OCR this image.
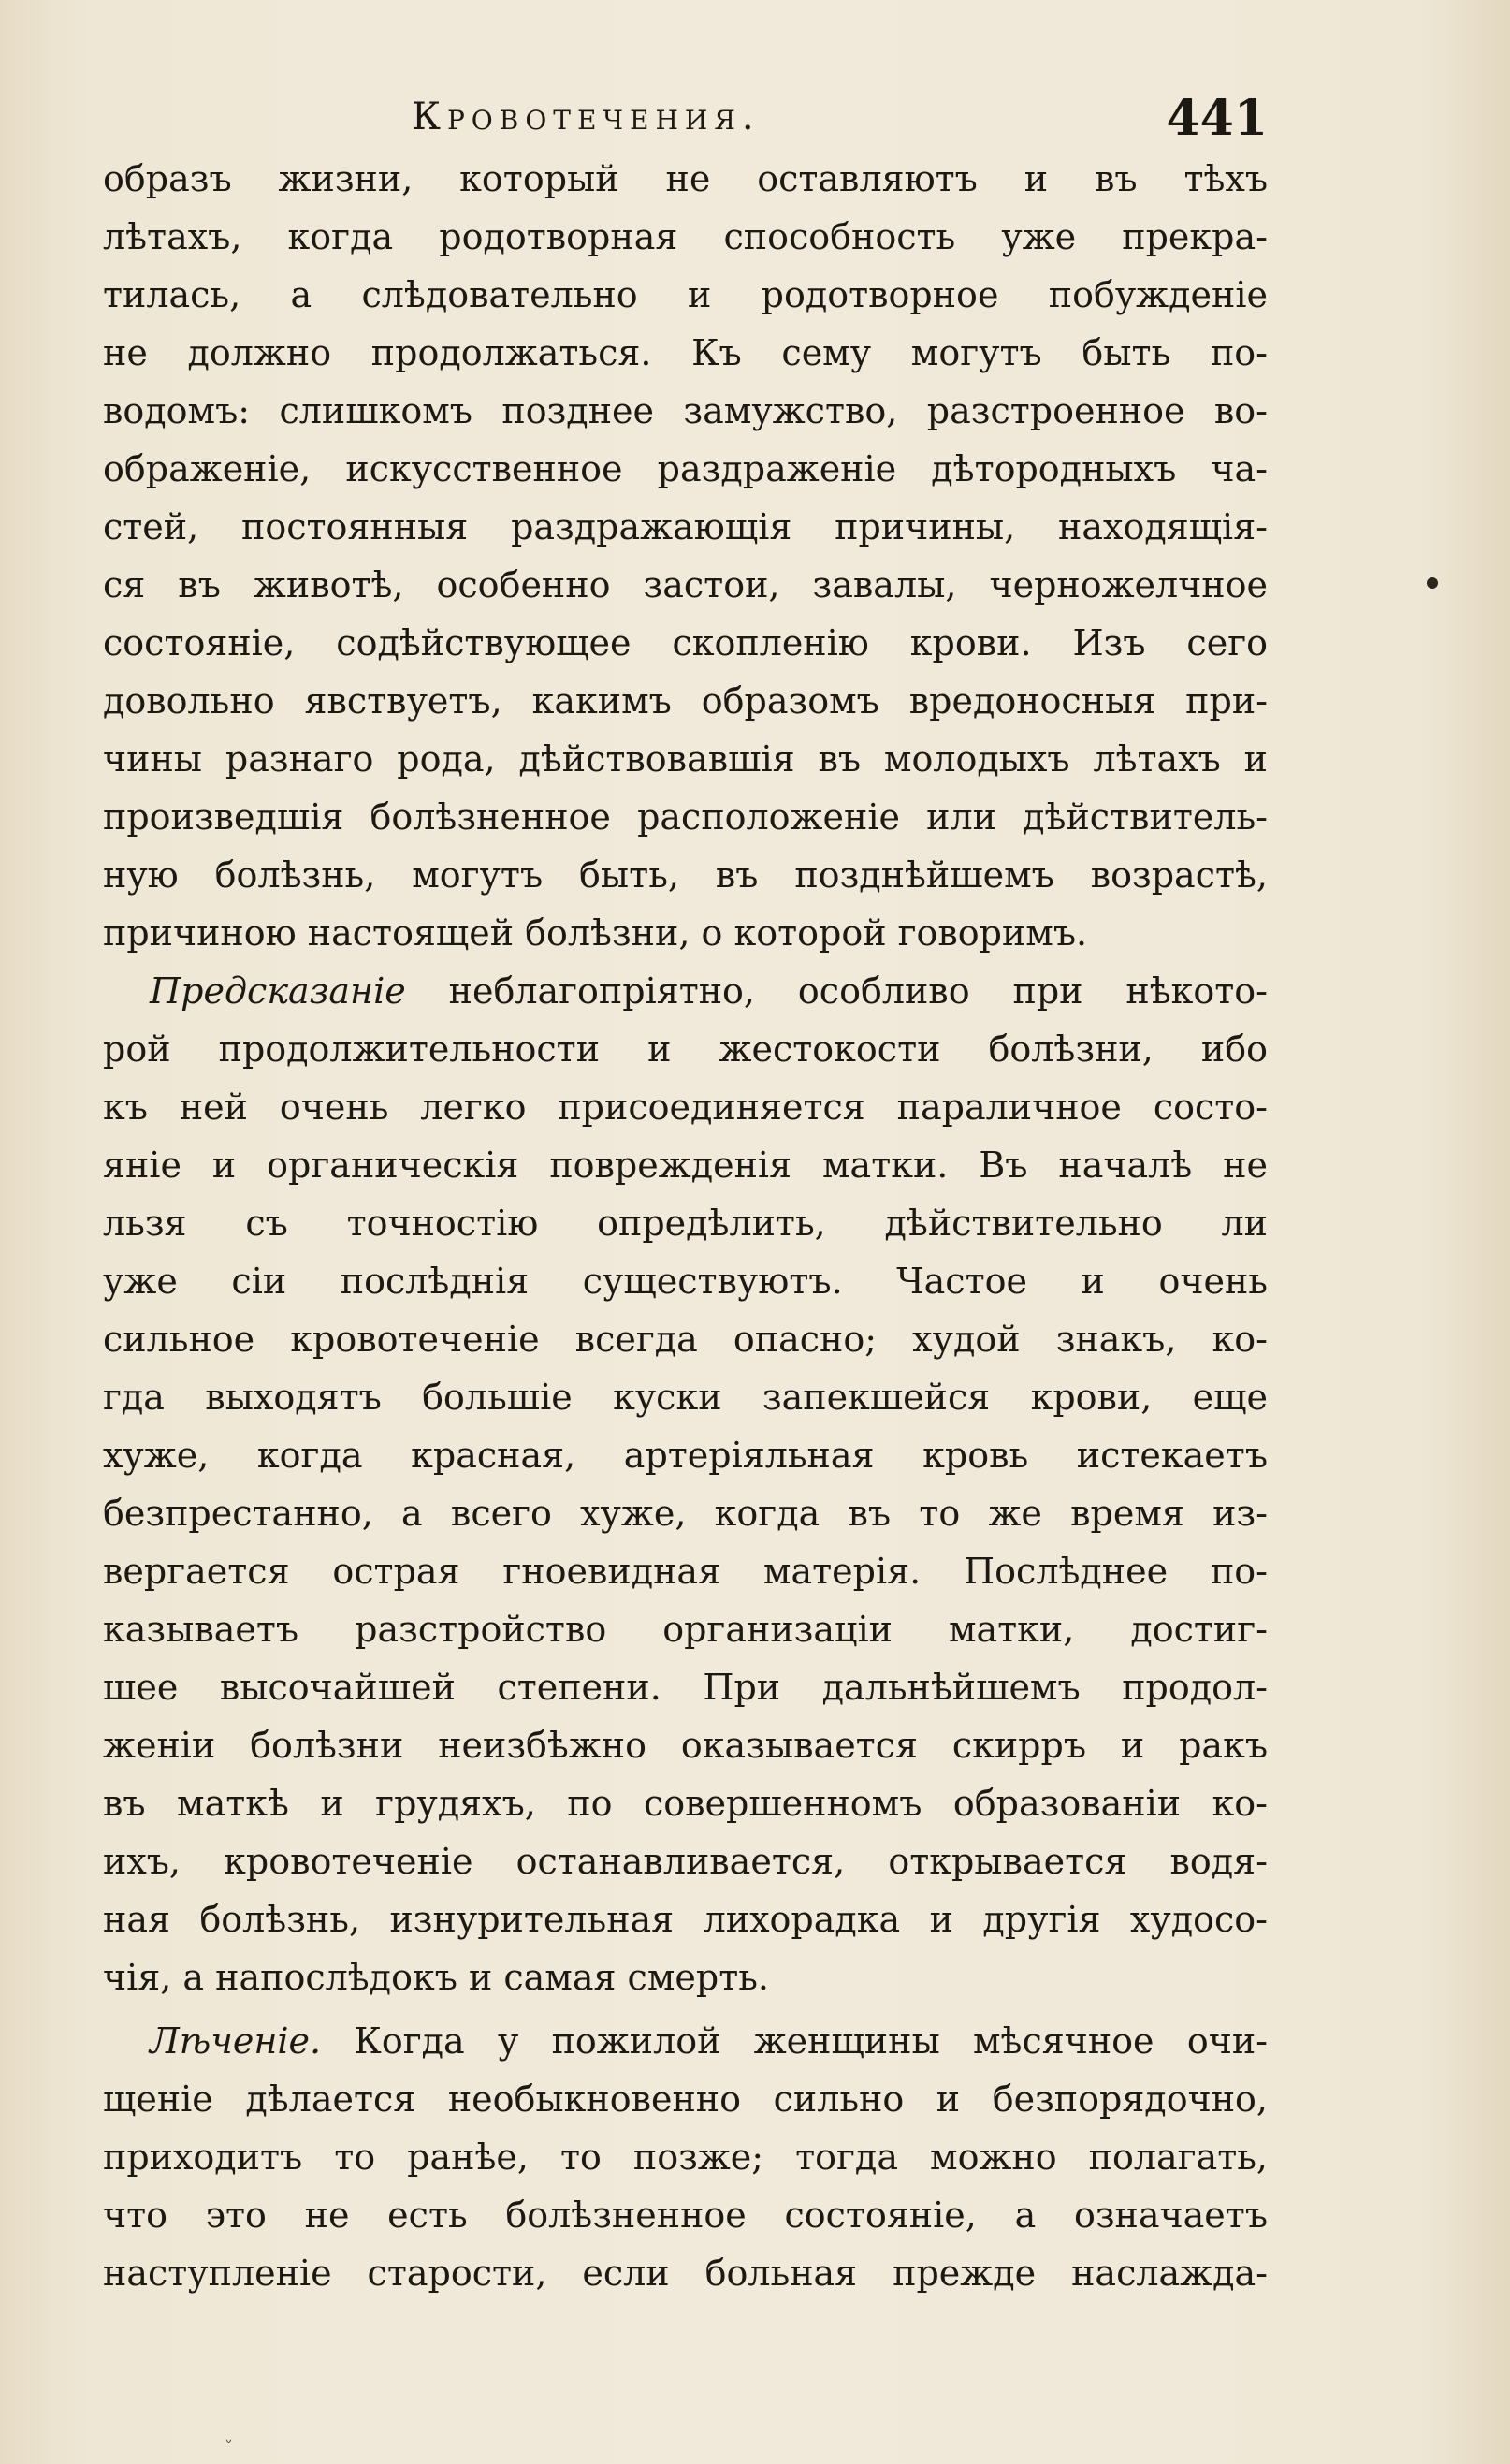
Кровотечения.	441
образъ жизни, который не оставляютъ и въ тѣхъ
лѣтахъ, когда родотворная способность уже прекра-
тилась, а слѣдовательно и родотворное побужденіе
не должно продолжаться. Къ сему могутъ быть по-
водомъ: слишкомъ позднее замужство, разстроенное во-
ображеніе, искусственное раздраженіе дѣтородныхъ ча-
стей, постоянныя раздражающія причины, находящія-
ся въ животѣ, особенно застои, завалы, черножелчное
состояніе, содѣйствующее скопленію крови. Изъ сего
довольно явствуетъ, какимъ образомъ вредоносныя при-
чины разнаго рода, дѣйствовавшія въ молодыхъ лѣтахъ и
произведшія болѣзненное расположеніе или дѣйствитель-
ную болѣзнь, могутъ быть, въ позднѣйшемъ возрастѣ,
причиною настоящей болѣзни, о которой говоримъ.
Предсказаніе неблагопріятно, особливо при нѣкото-
рой продолжительности и жестокости болѣзни, ибо
къ ней очень легко присоединяется параличное состо-
яніе и органическія поврежденія матки. Въ началѣ не
льзя съ точностію опредѣлить, дѣйствительно ли
уже сіи послѣднія существуютъ. Частое и очень
сильное кровотеченіе всегда опасно; худой знакъ, ко-
гда выходятъ большіе куски запекшейся крови, еще
хуже, когда красная, артеріяльная кровь истекаетъ
безпрестанно, а всего хуже, когда въ то же время из-
вергается острая гноевидная матерія. Послѣднее по-
казываетъ разстройство организаціи матки, достиг-
шее высочайшей степени. При дальнѣйшемъ продол-
женіи болѣзни неизбѣжно оказывается скирръ и ракъ
въ маткѣ и грудяхъ, по совершенномъ образованіи ко-
ихъ, кровотеченіе останавливается, открывается водя-
ная болѣзнь, изнурительная лихорадка и другія худосо-
чія, а напослѣдокъ и самая смерть.
Лѣченіе. Когда у пожилой женщины мѣсячное очи-
щеніе дѣлается необыкновенно сильно и безпорядочно,
приходитъ то ранѣе, то позже; тогда можно полагать,
что это не есть болѣзненное состояніе, а означаетъ
наступленіе старости, если больная прежде наслажда-
˅
